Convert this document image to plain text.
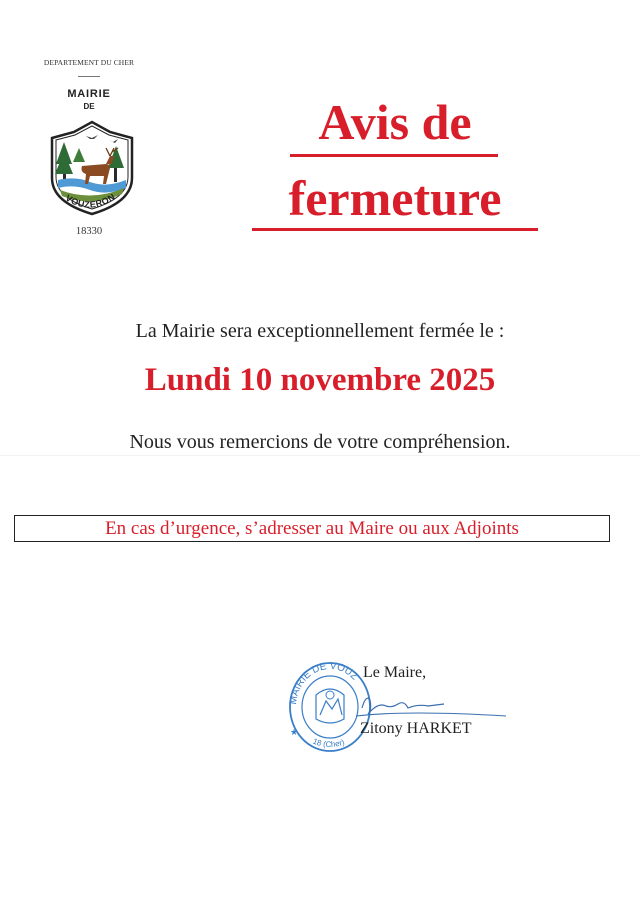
DEPARTEMENT DU CHER
MAIRIE
DE
VOUZERON
18330
Avis de
fermeture
La Mairie sera exceptionnellement fermée le :
Lundi 10 novembre 2025
Nous vous remercions de votre compréhension.
En cas d’urgence, s’adresser au Maire ou aux Adjoints
★
MAIRIE DE VOUZ
18 (Cher)
Le Maire,
Zitony HARKET
